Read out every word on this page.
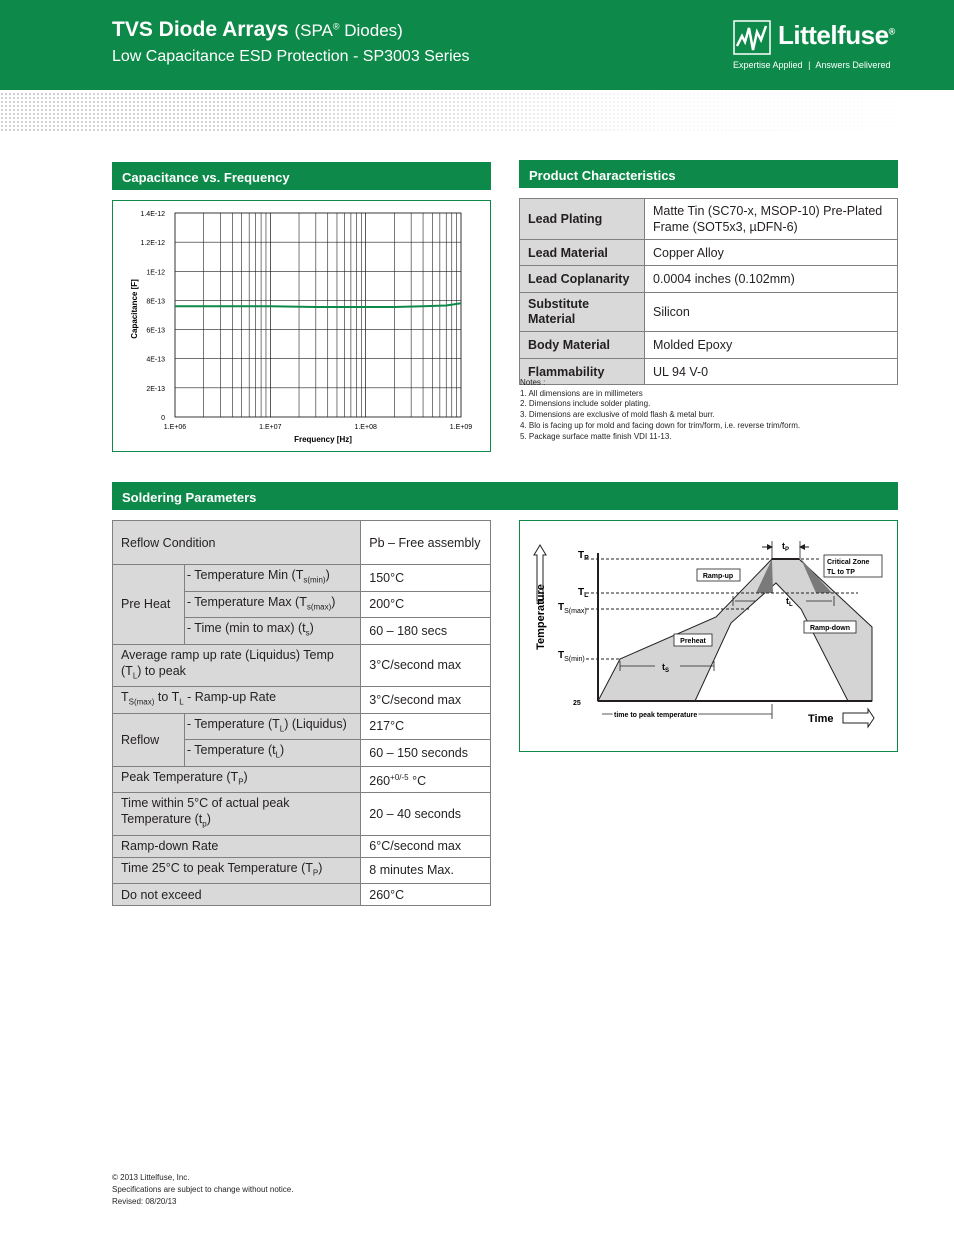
TVS Diode Arrays (SPA® Diodes)
Low Capacitance ESD Protection - SP3003 Series
Littelfuse®
Expertise Applied | Answers Delivered
Capacitance vs. Frequency
0
2E-13
4E-13
6E-13
8E-13
1E-12
1.2E-12
1.4E-12
1.E+06	1.E+07	1.E+08	1.E+09
Frequency [Hz]
Capacitance [F]
Product Characteristics
Lead Plating	Matte Tin (SC70-x, MSOP-10) Pre-Plated Frame (SOT5x3, µDFN-6)
Lead Material	Copper Alloy
Lead Coplanarity	0.0004 inches (0.102mm)
Substitute Material	Silicon
Body Material	Molded Epoxy
Flammability	UL 94 V-0
Notes :
1. All dimensions are in millimeters
2. Dimensions include solder plating.
3. Dimensions are exclusive of mold flash & metal burr.
4. Blo is facing up for mold and facing down for trim/form, i.e. reverse trim/form.
5. Package surface matte finish VDI 11-13.
Soldering Parameters
Reflow Condition		Pb – Free assembly
Pre Heat	- Temperature Min $(T_{s(min)})$	150°C
	- Temperature Max $(T_{s(max)})$	200°C
	- Time (min to max) $(t_s)$	60 – 180 secs
Average ramp up rate (Liquidus) Temp $(T_L)$ to peak		3°C/second max
$T_{S(max)}$ to $T_L$ - Ramp-up Rate		3°C/second max
Reflow	- Temperature $(T_L)$ (Liquidus)	217°C
	- Temperature $(t_L)$	60 – 150 seconds
Peak Temperature $(T_P)$		$260^{+0/-5}$ °C
Time within 5°C of actual peak Temperature $(t_p)$		20 – 40 seconds
Ramp-down Rate		6°C/second max
Time 25°C to peak Temperature $(T_P)$		8 minutes Max.
Do not exceed		260°C
$T_P$
$T_L$
$T_{S(max)}$
$T_{S(min)}$
25
Temperature
Time
$t_P$
$t_L$
$t_S$
Ramp-up
Ramp-down
Preheat
Critical Zone
TL to TP
time to peak temperature
© 2013 Littelfuse, Inc.
Specifications are subject to change without notice.
Revised: 08/20/13
